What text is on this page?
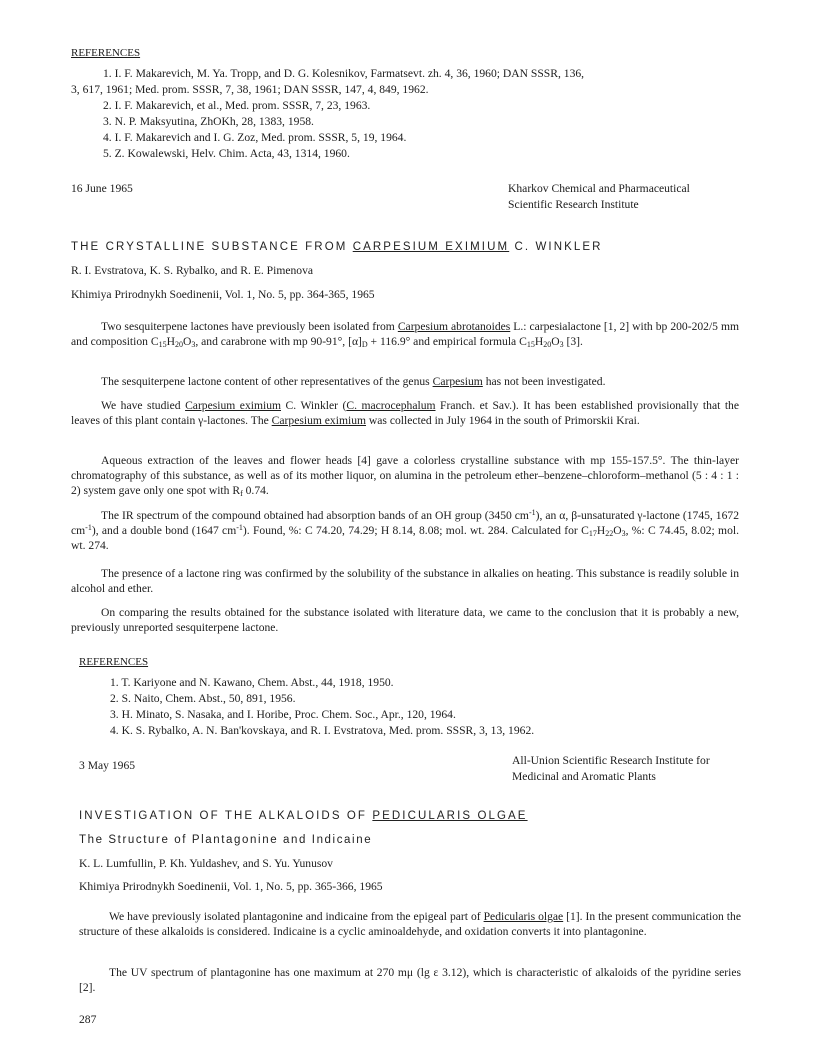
REFERENCES
1. I. F. Makarevich, M. Ya. Tropp, and D. G. Kolesnikov, Farmatsevt. zh. 4, 36, 1960; DAN SSSR, 136,
3, 617, 1961; Med. prom. SSSR, 7, 38, 1961; DAN SSSR, 147, 4, 849, 1962.
2. I. F. Makarevich, et al., Med. prom. SSSR, 7, 23, 1963.
3. N. P. Maksyutina, ZhOKh, 28, 1383, 1958.
4. I. F. Makarevich and I. G. Zoz, Med. prom. SSSR, 5, 19, 1964.
5. Z. Kowalewski, Helv. Chim. Acta, 43, 1314, 1960.
16 June 1965	Kharkov Chemical and Pharmaceutical
Scientific Research Institute
THE CRYSTALLINE SUBSTANCE FROM CARPESIUM EXIMIUM C. WINKLER
R. I. Evstratova, K. S. Rybalko, and R. E. Pimenova
Khimiya Prirodnykh Soedinenii, Vol. 1, No. 5, pp. 364-365, 1965
Two sesquiterpene lactones have previously been isolated from Carpesium abrotanoides L.: carpesialactone [1, 2] with bp 200-202/5 mm and composition $C_{15}H_{20}O_3$, and carabrone with mp 90-91°, $[\alpha]_D + 116.9^\circ$ and empirical formula $C_{15}H_{20}O_3$ [3].
The sesquiterpene lactone content of other representatives of the genus Carpesium has not been investigated.
We have studied Carpesium eximium C. Winkler (C. macrocephalum Franch. et Sav.). It has been established provisionally that the leaves of this plant contain γ-lactones. The Carpesium eximium was collected in July 1964 in the south of Primorskii Krai.
Aqueous extraction of the leaves and flower heads [4] gave a colorless crystalline substance with mp 155-157.5°. The thin-layer chromatography of this substance, as well as of its mother liquor, on alumina in the petroleum ether–benzene–chloroform–methanol (5 : 4 : 1 : 2) system gave only one spot with $R_f$ 0.74.
The IR spectrum of the compound obtained had absorption bands of an OH group (3450 $cm^{-1}$), an α, β-unsaturated γ-lactone (1745, 1672 $cm^{-1}$), and a double bond (1647 $cm^{-1}$). Found, %: C 74.20, 74.29; H 8.14, 8.08; mol. wt. 284. Calculated for $C_{17}H_{22}O_3$, %: C 74.45, 8.02; mol. wt. 274.
The presence of a lactone ring was confirmed by the solubility of the substance in alkalies on heating. This substance is readily soluble in alcohol and ether.
On comparing the results obtained for the substance isolated with literature data, we came to the conclusion that it is probably a new, previously unreported sesquiterpene lactone.
REFERENCES
1. T. Kariyone and N. Kawano, Chem. Abst., 44, 1918, 1950.
2. S. Naito, Chem. Abst., 50, 891, 1956.
3. H. Minato, S. Nasaka, and I. Horibe, Proc. Chem. Soc., Apr., 120, 1964.
4. K. S. Rybalko, A. N. Ban'kovskaya, and R. I. Evstratova, Med. prom. SSSR, 3, 13, 1962.
3 May 1965	All-Union Scientific Research Institute for
Medicinal and Aromatic Plants
INVESTIGATION OF THE ALKALOIDS OF PEDICULARIS OLGAE
The Structure of Plantagonine and Indicaine
K. L. Lumfullin, P. Kh. Yuldashev, and S. Yu. Yunusov
Khimiya Prirodnykh Soedinenii, Vol. 1, No. 5, pp. 365-366, 1965
We have previously isolated plantagonine and indicaine from the epigeal part of Pedicularis olgae [1]. In the present communication the structure of these alkaloids is considered. Indicaine is a cyclic aminoaldehyde, and oxidation converts it into plantagonine.
The UV spectrum of plantagonine has one maximum at 270 mμ (lg ε 3.12), which is characteristic of alkaloids of the pyridine series [2].
287
